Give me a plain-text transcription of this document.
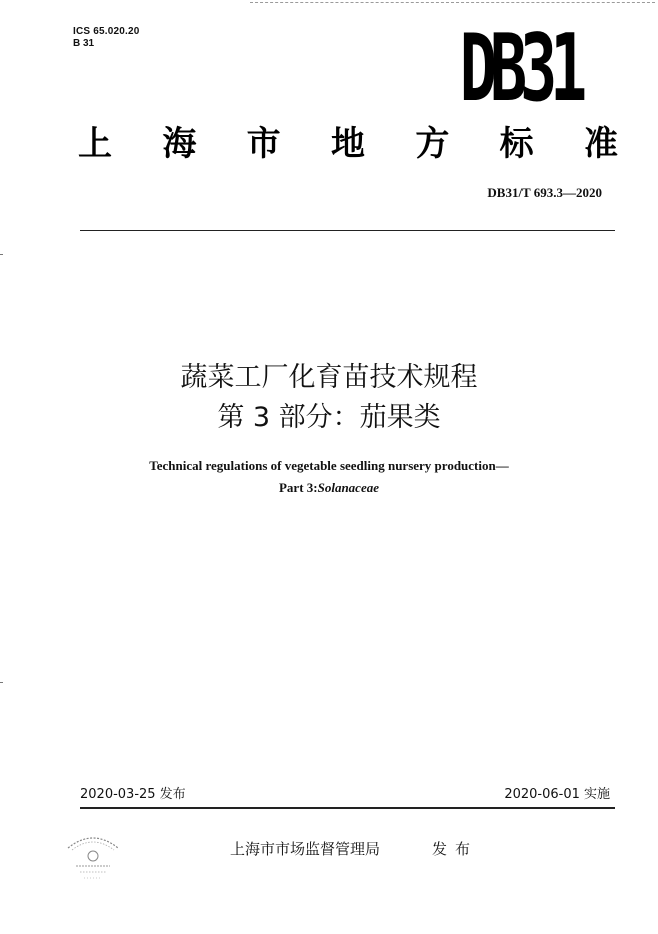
ICS 65.020.20
B 31	DB31
上 海 市 地 方 标 准
DB31/T 693.3—2020
蔬菜工厂化育苗技术规程
第 3 部分：茄果类
Technical regulations of vegetable seedling nursery production—
Part 3:Solanaceae
2020-03-25 发布	2020-06-01 实施
上海市市场监督管理局	发布
